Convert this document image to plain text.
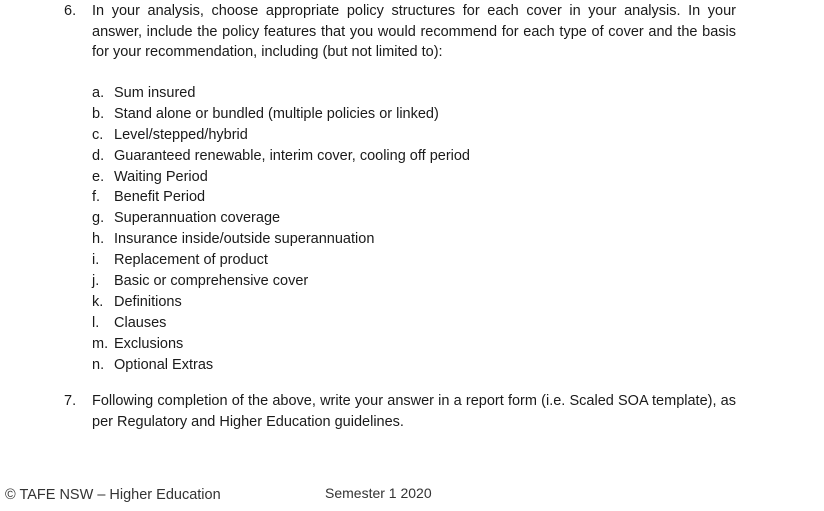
6. In your analysis, choose appropriate policy structures for each cover in your analysis. In your answer, include the policy features that you would recommend for each type of cover and the basis for your recommendation, including (but not limited to):
a. Sum insured
b. Stand alone or bundled (multiple policies or linked)
c. Level/stepped/hybrid
d. Guaranteed renewable, interim cover, cooling off period
e. Waiting Period
f. Benefit Period
g. Superannuation coverage
h. Insurance inside/outside superannuation
i. Replacement of product
j. Basic or comprehensive cover
k. Definitions
l. Clauses
m. Exclusions
n. Optional Extras
7. Following completion of the above, write your answer in a report form (i.e. Scaled SOA template), as per Regulatory and Higher Education guidelines.
© TAFE NSW – Higher Education	Semester 1 2020
